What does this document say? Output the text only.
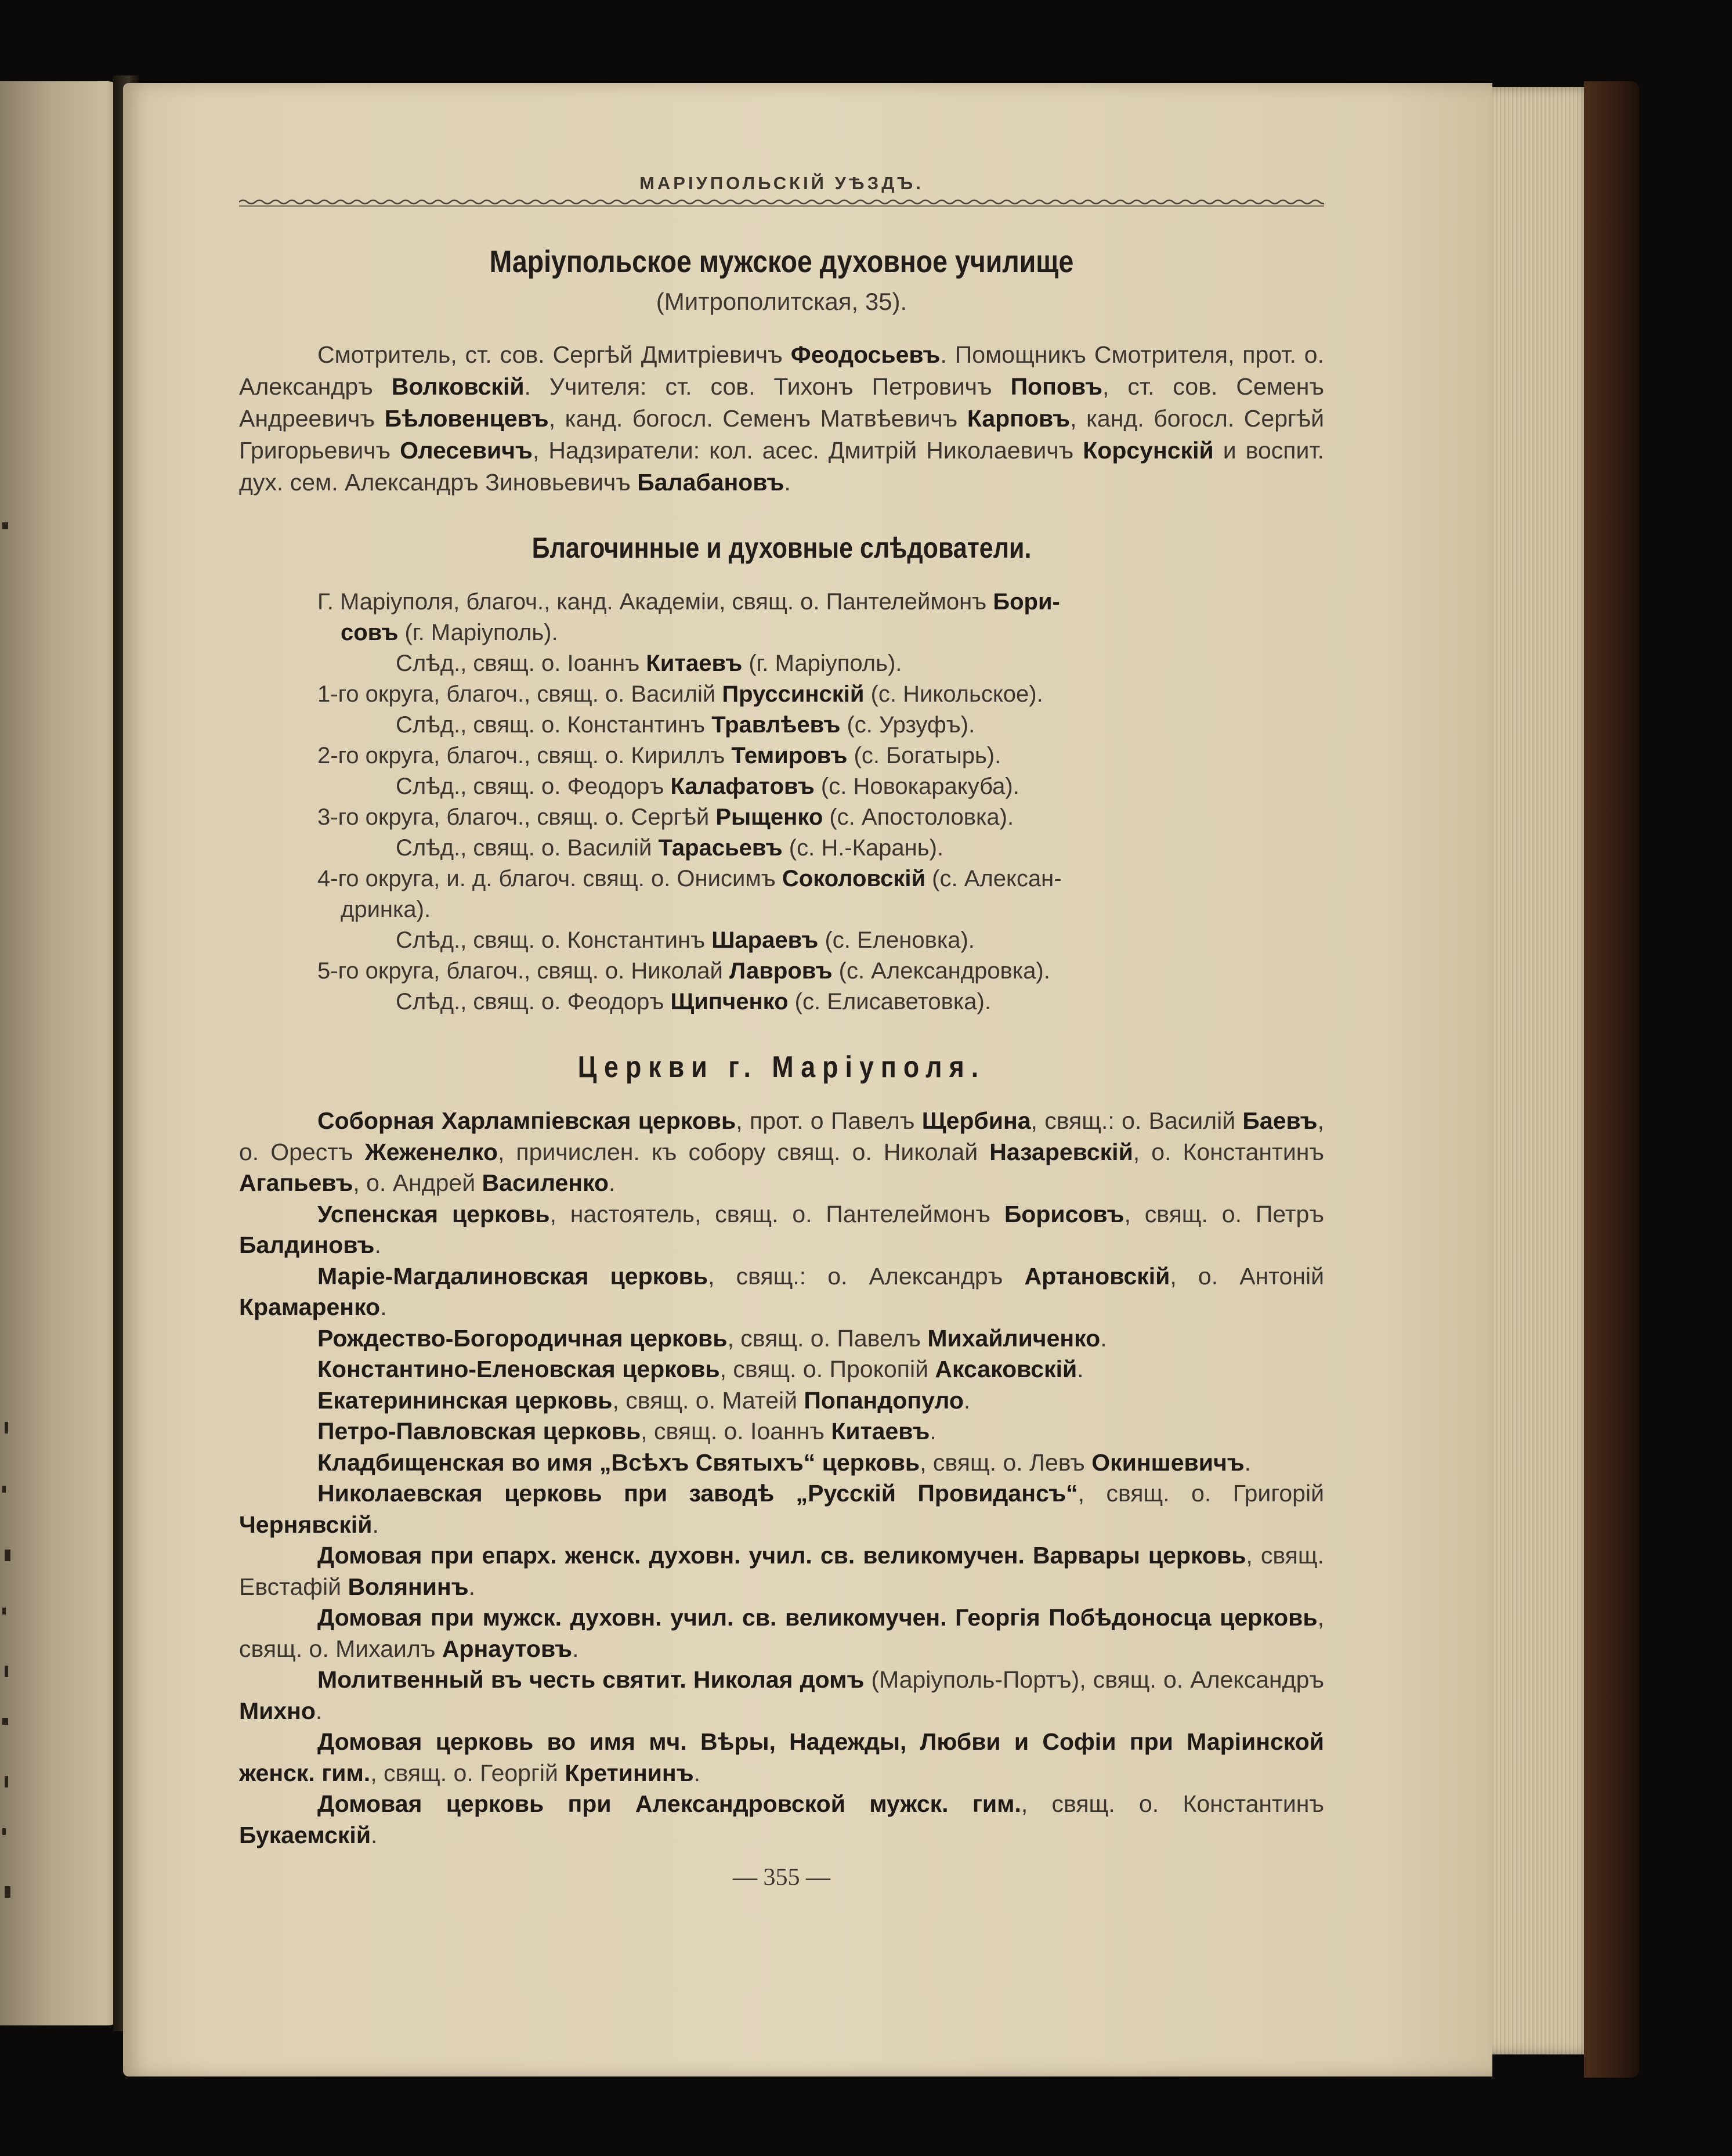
МАРІУПОЛЬСКІЙ УѢЗДЪ.
Маріупольское мужское духовное училище
(Митрополитская, 35).

Смотритель, ст. сов. Сергѣй Дмитріевичъ Феодосьевъ. Помощникъ Смотрителя, прот. о. Александръ Волковскій. Учителя: ст. сов. Тихонъ Петровичъ Поповъ, ст. сов. Семенъ Андреевичъ Бѣловенцевъ, канд. богосл. Семенъ Матвѣевичъ Карповъ, канд. богосл. Сергѣй Григорьевичъ Олесевичъ, Надзиратели: кол. асес. Дмитрій Николаевичъ Корсунскій и воспит. дух. сем. Александръ Зиновьевичъ Балабановъ.

Благочинные и духовные слѣдователи.
Г. Маріуполя, благоч., канд. Академіи, свящ. о. Пантелеймонъ Бори-
совъ (г. Маріуполь).
Слѣд., свящ. о. Іоаннъ Китаевъ (г. Маріуполь).
1-го округа, благоч., свящ. о. Василій Пруссинскій (с. Никольское).
Слѣд., свящ. о. Константинъ Травлѣевъ (с. Урзуфъ).
2-го округа, благоч., свящ. о. Кириллъ Темировъ (с. Богатырь).
Слѣд., свящ. о. Феодоръ Калафатовъ (с. Новокаракуба).
3-го округа, благоч., свящ. о. Сергѣй Рыщенко (с. Апостоловка).
Слѣд., свящ. о. Василій Тарасьевъ (с. Н.-Карань).
4-го округа, и. д. благоч. свящ. о. Онисимъ Соколовскій (с. Алексан-
дринка).
Слѣд., свящ. о. Константинъ Шараевъ (с. Еленовка).
5-го округа, благоч., свящ. о. Николай Лавровъ (с. Александровка).
Слѣд., свящ. о. Феодоръ Щипченко (с. Елисаветовка).
Церкви г. Маріуполя.

Соборная Харлампіевская церковь, прот. о Павелъ Щербина, свящ.: о. Василій Баевъ, о. Орестъ Жеженелко, причислен. къ собору свящ. о. Николай Назаревскій, о. Константинъ Агапьевъ, о. Андрей Василенко.

Успенская церковь, настоятель, свящ. о. Пантелеймонъ Борисовъ, свящ. о. Петръ Балдиновъ.

Маріе-Магдалиновская церковь, свящ.: о. Александръ Артановскій, о. Антоній Крамаренко.

Рождество-Богородичная церковь, свящ. о. Павелъ Михайличенко.

Константино-Еленовская церковь, свящ. о. Прокопій Аксаковскій.

Екатерининская церковь, свящ. о. Матеій Попандопуло.

Петро-Павловская церковь, свящ. о. Іоаннъ Китаевъ.

Кладбищенская во имя „Всѣхъ Святыхъ“ церковь, свящ. о. Левъ Окиншевичъ.

Николаевская церковь при заводѣ „Русскій Провидансъ“, свящ. о. Григорій Чернявскій.

Домовая при епарх. женск. духовн. учил. св. великомучен. Варвары церковь, свящ. Евстафій Волянинъ.

Домовая при мужск. духовн. учил. св. великомучен. Георгія Побѣдоносца церковь, свящ. о. Михаилъ Арнаутовъ.

Молитвенный въ честь святит. Николая домъ (Маріуполь-Портъ), свящ. о. Александръ Михно.

Домовая церковь во имя мч. Вѣры, Надежды, Любви и Софіи при Маріинской женск. гим., свящ. о. Георгій Кретининъ.

Домовая церковь при Александровской мужск. гим., свящ. о. Константинъ Букаемскій.

— 355 —
